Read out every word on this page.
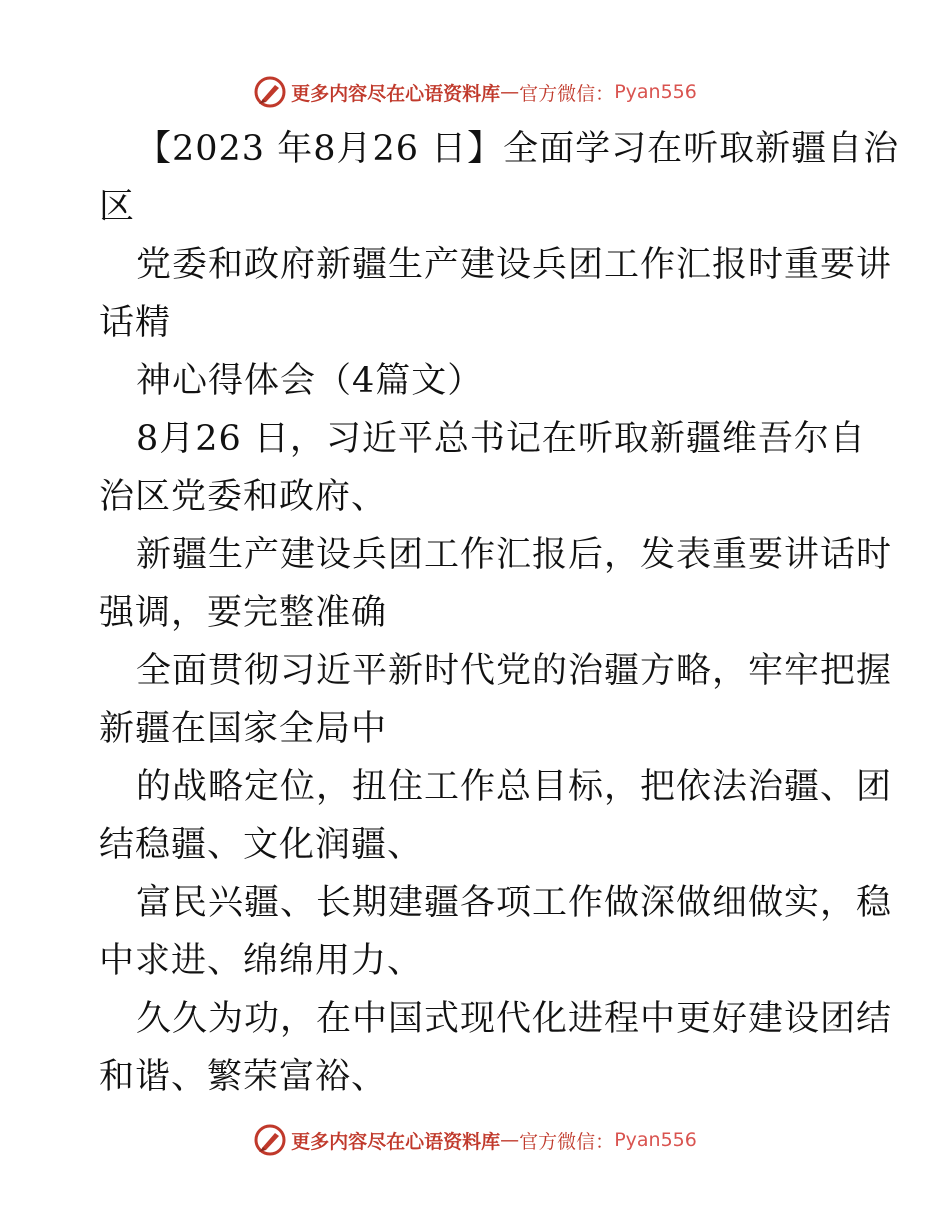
更多内容尽在心语资料库 — 官方微信： Pyan556
【2023 年8月26 日】全面学习在听取新疆自治
区
党委和政府新疆生产建设兵团工作汇报时重要讲
话精
神心得体会（4篇文）
8月26 日，习近平总书记在听取新疆维吾尔自
治区党委和政府、
新疆生产建设兵团工作汇报后，发表重要讲话时
强调，要完整准确
全面贯彻习近平新时代党的治疆方略，牢牢把握
新疆在国家全局中
的战略定位，扭住工作总目标，把依法治疆、团
结稳疆、文化润疆、
富民兴疆、长期建疆各项工作做深做细做实，稳
中求进、绵绵用力、
久久为功，在中国式现代化进程中更好建设团结
和谐、繁荣富裕、
更多内容尽在心语资料库 — 官方微信： Pyan556
